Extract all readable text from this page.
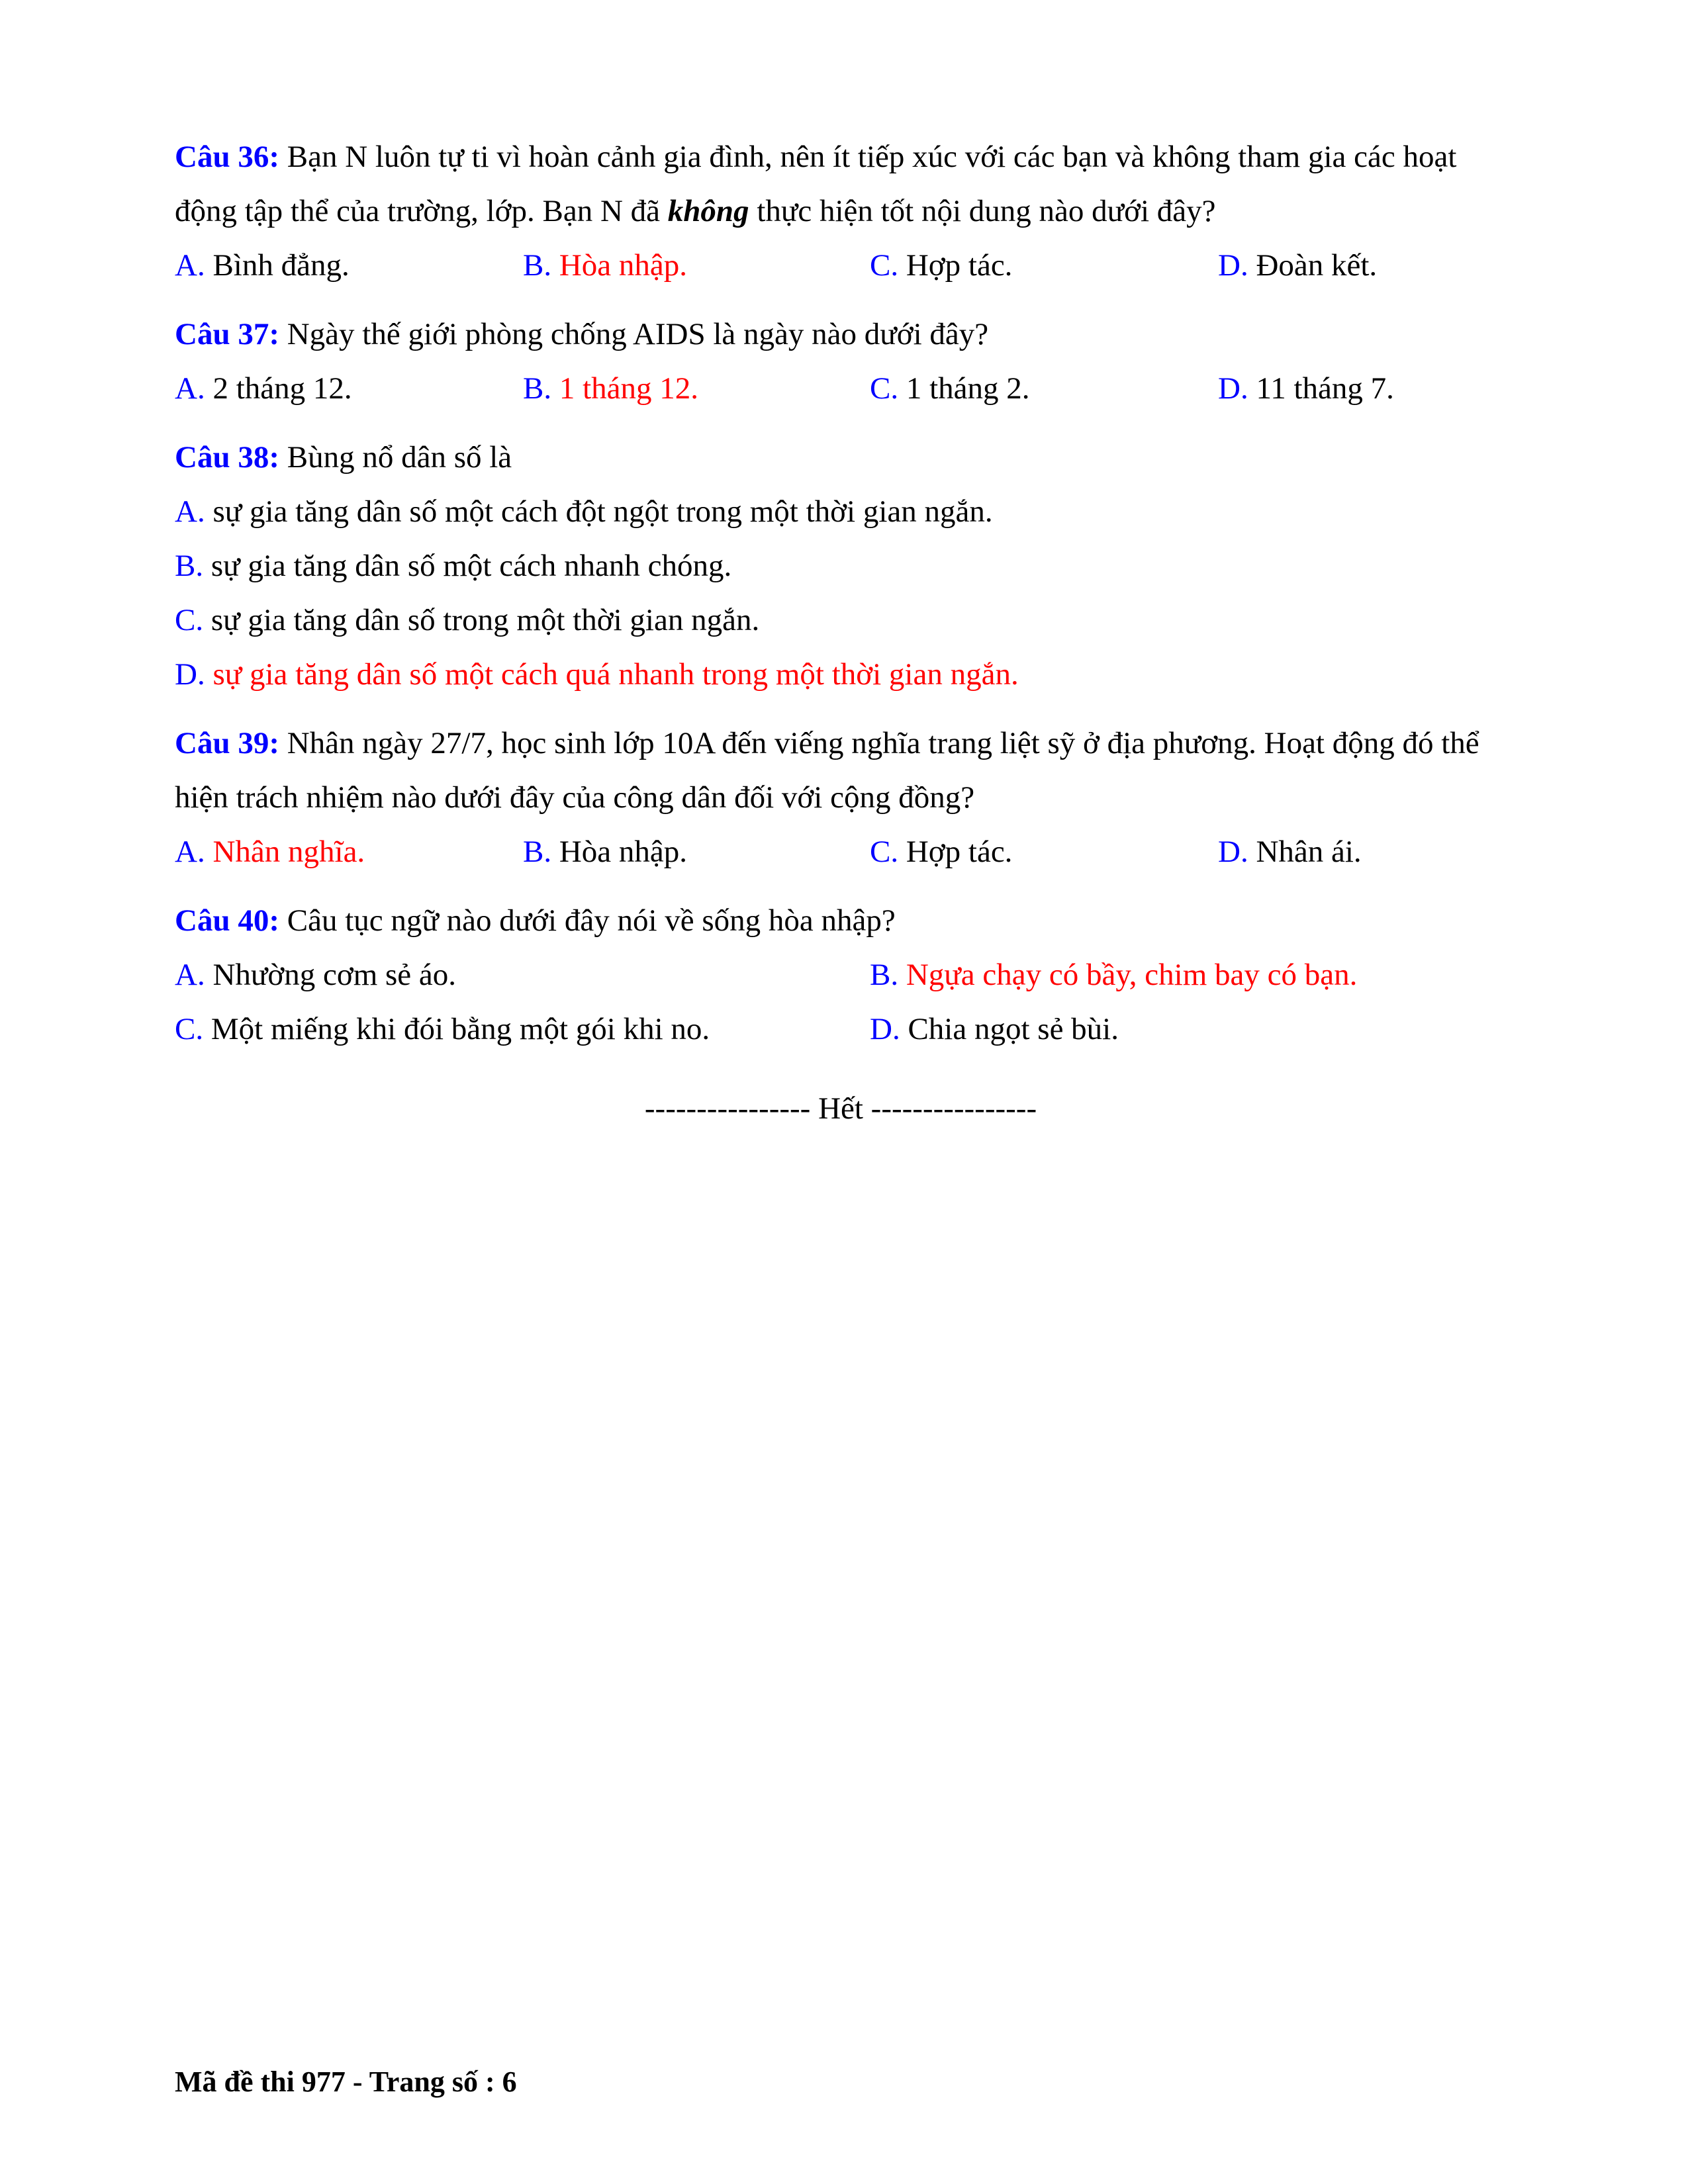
Câu 36: Bạn N luôn tự ti vì hoàn cảnh gia đình, nên ít tiếp xúc với các bạn và không tham gia các hoạt động tập thể của trường, lớp. Bạn N đã không thực hiện tốt nội dung nào dưới đây?

A. Bình đẳng.	B. Hòa nhập.	C. Hợp tác.	D. Đoàn kết.

Câu 37: Ngày thế giới phòng chống AIDS là ngày nào dưới đây?

A. 2 tháng 12.	B. 1 tháng 12.	C. 1 tháng 2.	D. 11 tháng 7.

Câu 38: Bùng nổ dân số là

A. sự gia tăng dân số một cách đột ngột trong một thời gian ngắn.
B. sự gia tăng dân số một cách nhanh chóng.
C. sự gia tăng dân số trong một thời gian ngắn.
D. sự gia tăng dân số một cách quá nhanh trong một thời gian ngắn.

Câu 39: Nhân ngày 27/7, học sinh lớp 10A đến viếng nghĩa trang liệt sỹ ở địa phương. Hoạt động đó thể hiện trách nhiệm nào dưới đây của công dân đối với cộng đồng?

A. Nhân nghĩa.	B. Hòa nhập.	C. Hợp tác.	D. Nhân ái.

Câu 40: Câu tục ngữ nào dưới đây nói về sống hòa nhập?

A. Nhường cơm sẻ áo.	B. Ngựa chạy có bầy, chim bay có bạn.
C. Một miếng khi đói bằng một gói khi no.	D. Chia ngọt sẻ bùi.
---------------- Hết ----------------
Mã đề thi 977 - Trang số : 6
